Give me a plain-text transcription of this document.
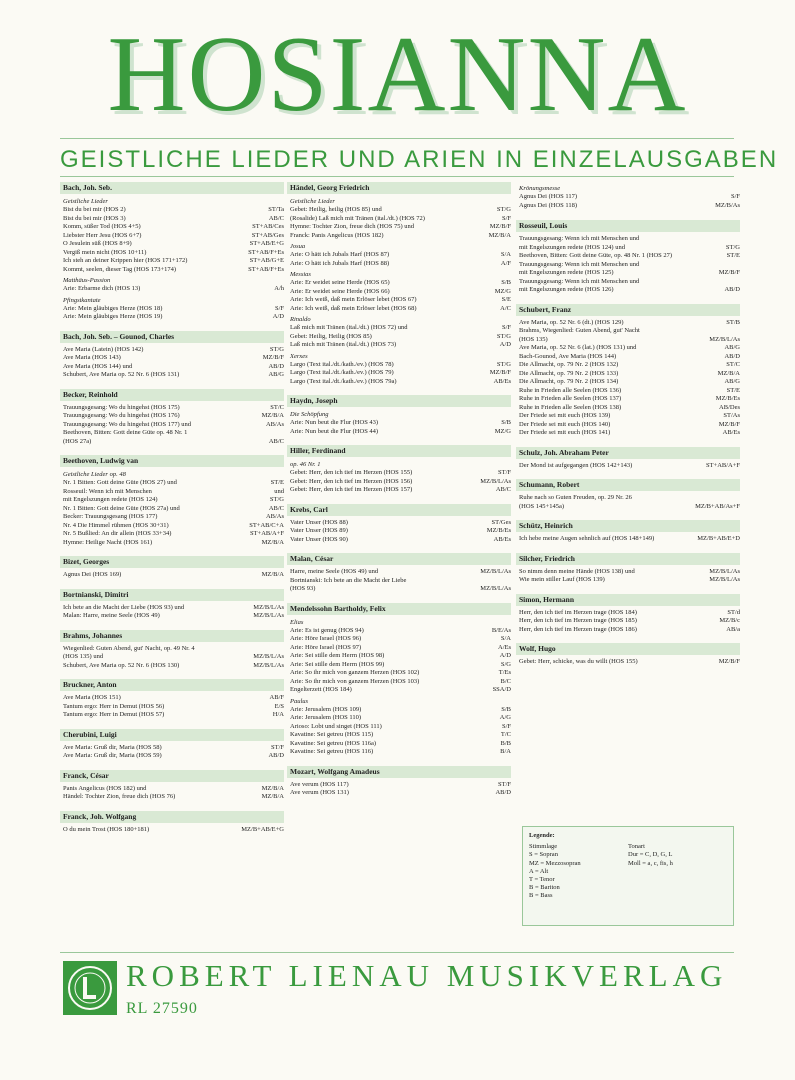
HOSIANNA
GEISTLICHE LIEDER UND ARIEN IN EINZELAUSGABEN
Bach, Joh. Seb.
Geistliche Lieder
Bist du bei mir (HOS 2)	ST/Ta
Bist du bei mir (HOS 3)	AB/C
Komm, süßer Tod (HOS 4+5)	ST+AB/Ces
Liebster Herr Jesu (HOS 6+7)	ST+AB/Ges
O Jesulein süß (HOS 8+9)	ST+AB/E+G
Vergiß mein nicht (HOS 10+11)	ST+AB/F+Es
Ich steh an deiner Krippen hier (HOS 171+172)	ST+AB/G+E
Kommt, seelen, dieser Tag (HOS 173+174)	ST+AB/F+Es
Matthäus-Passion
Arie: Erbarme dich (HOS 13)	A/h
Pfingstkantate
Arie: Mein gläubiges Herze (HOS 18)	S/F
Arie: Mein gläubiges Herze (HOS 19)	A/D
Bach, Joh. Seb. – Gounod, Charles
Ave Maria (Latein) (HOS 142)	ST/G
Ave Maria (HOS 143)	MZ/B/F
Ave Maria (HOS 144) und	AB/D
Schubert, Ave Maria op. 52 Nr. 6 (HOS 131)	AB/G
Becker, Reinhold
Trauungsgesang: Wo du hingehst (HOS 175)	ST/C
Trauungsgesang: Wo du hingehst (HOS 176)	MZ/B/A
Trauungsgesang: Wo du hingehst (HOS 177) und	AB/As
Beethoven, Bitten: Gott deine Güte op. 48 Nr. 1
(HOS 27a)	AB/C
Beethoven, Ludwig van
Geistliche Lieder op. 48
Nr. 1 Bitten: Gott deine Güte (HOS 27) und	ST/E
Rosseuil: Wenn ich mit Menschen	und
mit Engelszungen redete (HOS 124)	ST/G
Nr. 1 Bitten: Gott deine Güte (HOS 27a) und	AB/C
Becker: Trauungsgesang (HOS 177)	AB/As
Nr. 4 Die Himmel rühmen (HOS 30+31)	ST+AB/C+A
Nr. 5 Bußlied: An dir allein (HOS 33+34)	ST+AB/A+F
Hymne: Heilige Nacht (HOS 161)	MZ/B/A
Bizet, Georges
Agnus Dei (HOS 169)	MZ/B/A
Bortnianski, Dimitri
Ich bete an die Macht der Liebe (HOS 93) und	MZ/B/L/As
Malan: Harre, meine Seele (HOS 49)	MZ/B/L/As
Brahms, Johannes
Wiegenlied: Guten Abend, gut' Nacht, op. 49 Nr. 4
(HOS 135) und	MZ/B/L/As
Schubert, Ave Maria op. 52 Nr. 6 (HOS 130)	MZ/B/L/As
Bruckner, Anton
Ave Maria (HOS 151)	AB/F
Tantum ergo: Herr in Demut (HOS 56)	E/S
Tantum ergo: Herr in Demut (HOS 57)	H/A
Cherubini, Luigi
Ave Maria: Gruß dir, Maria (HOS 58)	ST/F
Ave Maria: Gruß dir, Maria (HOS 59)	AB/D
Franck, César
Panis Angelicus (HOS 182) und	MZ/B/A
Händel: Tochter Zion, freue dich (HOS 76)	MZ/B/A
Franck, Joh. Wolfgang
O du mein Trost (HOS 180+181)	MZ/B+AB/E+G
Händel, Georg Friedrich
Geistliche Lieder
Gebet: Heilig, heilig (HOS 85) und	ST/G
(Rosalide) Laß mich mit Tränen (ital./dt.) (HOS 72)	S/F
Hymne: Tochter Zion, freue dich (HOS 75) und	MZ/B/F
Franck: Panis Angelicus (HOS 182)	MZ/B/A
Josua
Arie: O hätt ich Jubals Harf (HOS 87)	S/A
Arie: O hätt ich Jubals Harf (HOS 88)	A/F
Messias
Arie: Er weidet seine Herde (HOS 65)	S/B
Arie: Er weidet seine Herde (HOS 66)	MZ/G
Arie: Ich weiß, daß mein Erlöser lebet (HOS 67)	S/E
Arie: Ich weiß, daß mein Erlöser lebet (HOS 68)	A/C
Rinaldo
Laß mich mit Tränen (ital./dt.) (HOS 72) und	S/F
Gebet: Heilig, Heilig (HOS 85)	ST/G
Laß mich mit Tränen (ital./dt.) (HOS 73)	A/D
Xerxes
Largo (Text ital./dt./kath./ev.) (HOS 78)	ST/G
Largo (Text ital./dt./kath./ev.) (HOS 79)	MZ/B/F
Largo (Text ital./dt./kath./ev.) (HOS 79a)	AB/Es
Haydn, Joseph
Die Schöpfung
Arie: Nun beut die Flur (HOS 43)	S/B
Arie: Nun beut die Flur (HOS 44)	MZ/G
Hiller, Ferdinand
op. 46 Nr. 1
Gebet: Herr, den ich tief im Herzen (HOS 155)	ST/F
Gebet: Herr, den ich tief im Herzen (HOS 156)	MZ/B/L/As
Gebet: Herr, den ich tief im Herzen (HOS 157)	AB/C
Krebs, Carl
Vater Unser (HOS 88)	ST/Ges
Vater Unser (HOS 89)	MZ/B/Es
Vater Unser (HOS 90)	AB/Es
Malan, César
Harre, meine Seele (HOS 49) und	MZ/B/L/As
Bortnianski: Ich bete an die Macht der Liebe
(HOS 93)	MZ/B/L/As
Mendelssohn Bartholdy, Felix
Elias
Arie: Es ist genug (HOS 94)	B/E/As
Arie: Höre Israel (HOS 96)	S/A
Arie: Höre Israel (HOS 97)	A/Es
Arie: Sei stille dem Herrn (HOS 98)	A/D
Arie: Sei stille dem Herrn (HOS 99)	S/G
Arie: So ihr mich von ganzem Herzen (HOS 102)	T/Es
Arie: So ihr mich von ganzem Herzen (HOS 103)	B/C
Engelterzett (HOS 184)	SSA/D
Paulus
Arie: Jerusalem (HOS 109)	S/B
Arie: Jerusalem (HOS 110)	A/G
Arioso: Lobt und singet (HOS 111)	S/F
Kavatine: Sei getreu (HOS 115)	T/C
Kavatine: Sei getreu (HOS 116a)	B/B
Kavatine: Sei getreu (HOS 116)	B/A
Mozart, Wolfgang Amadeus
Ave verum (HOS 117)	ST/F
Ave verum (HOS 131)	AB/D
Krönungsmesse
Agnus Dei (HOS 117)	S/F
Agnus Dei (HOS 118)	MZ/B/As
Rosseuil, Louis
Trauungsgesang: Wenn ich mit Menschen und
mit Engelszungen redete (HOS 124) und	ST/G
Beethoven, Bitten: Gott deine Güte, op. 48 Nr. 1 (HOS 27)	ST/E
Trauungsgesang: Wenn ich mit Menschen und
mit Engelszungen redete (HOS 125)	MZ/B/F
Trauungsgesang: Wenn ich mit Menschen und
mit Engelszungen redete (HOS 126)	AB/D
Schubert, Franz
Ave Maria, op. 52 Nr. 6 (dt.) (HOS 129)	ST/B
Brahms, Wiegenlied: Guten Abend, gut' Nacht
(HOS 135)	MZ/B/L/As
Ave Maria, op. 52 Nr. 6 (lat.) (HOS 131) und	AB/G
Bach-Gounod, Ave Maria (HOS 144)	AB/D
Die Allmacht, op. 79 Nr. 2 (HOS 132)	ST/C
Die Allmacht, op. 79 Nr. 2 (HOS 133)	MZ/B/A
Die Allmacht, op. 79 Nr. 2 (HOS 134)	AB/G
Ruhe in Frieden alle Seelen (HOS 136)	ST/E
Ruhe in Frieden alle Seelen (HOS 137)	MZ/B/Es
Ruhe in Frieden alle Seelen (HOS 138)	AB/Des
Der Friede sei mit euch (HOS 139)	ST/As
Der Friede sei mit euch (HOS 140)	MZ/B/F
Der Friede sei mit euch (HOS 141)	AB/Es
Schulz, Joh. Abraham Peter
Der Mond ist aufgegangen (HOS 142+143)	ST+AB/A+F
Schumann, Robert
Ruhe nach so Guten Freuden, op. 29 Nr. 26
(HOS 145+145a)	MZ/B+AB/As+F
Schütz, Heinrich
Ich hebe meine Augen sehnlich auf (HOS 148+149)	MZ/B+AB/E+D
Silcher, Friedrich
So nimm denn meine Hände (HOS 138) und	MZ/B/L/As
Wie mein stiller Lauf (HOS 139)	MZ/B/L/As
Simon, Hermann
Herr, den ich tief im Herzen trage (HOS 184)	ST/d
Herr, den ich tief im Herzen trage (HOS 185)	MZ/B/c
Herr, den ich tief im Herzen trage (HOS 186)	AB/a
Wolf, Hugo
Gebet: Herr, schicke, was du willt (HOS 155)	MZ/B/F
Legende:
Stimmlage
S = Sopran
MZ = Mezzosopran
A = Alt
T = Tenor
B = Bariton
B = Bass
Tonart
Dur = C, D, G, L
Moll = a, c, fis, h
ROBERT LIENAU MUSIKVERLAG
RL 27590
